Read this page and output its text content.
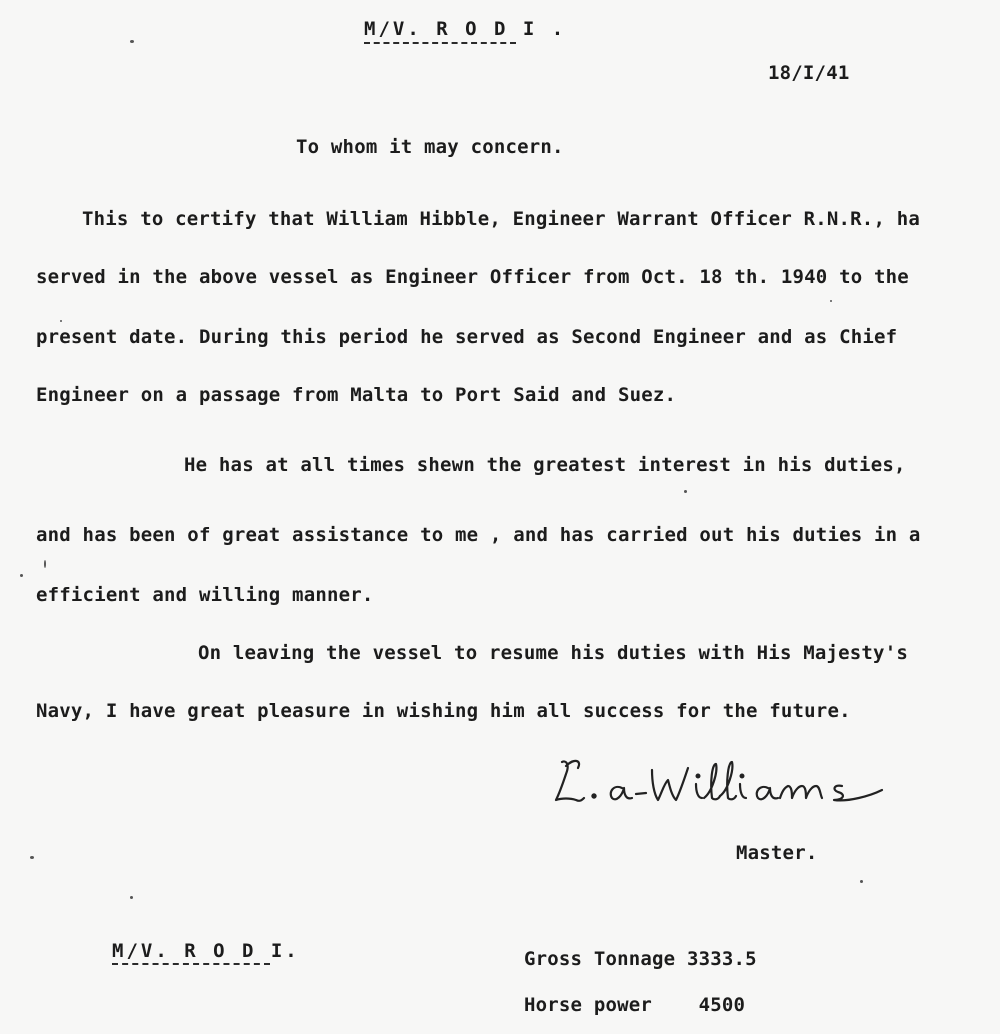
M/V. R O D I .
18/I/41
To whom it may concern.
This to certify that William Hibble, Engineer Warrant Officer R.N.R., ha
served in the above vessel as Engineer Officer from Oct. 18 th. 1940 to the
present date. During this period he served as Second Engineer and as Chief
Engineer on a passage from Malta to Port Said and Suez.
He has at all times shewn the greatest interest in his duties,
and has been of great assistance to me , and has carried out his duties in a
efficient and willing manner.
On leaving the vessel to resume his duties with His Majesty's
Navy, I have great pleasure in wishing him all success for the future.
Master.
M/V. R O D I.	Gross Tonnage 3333.5
Horse power    4500
